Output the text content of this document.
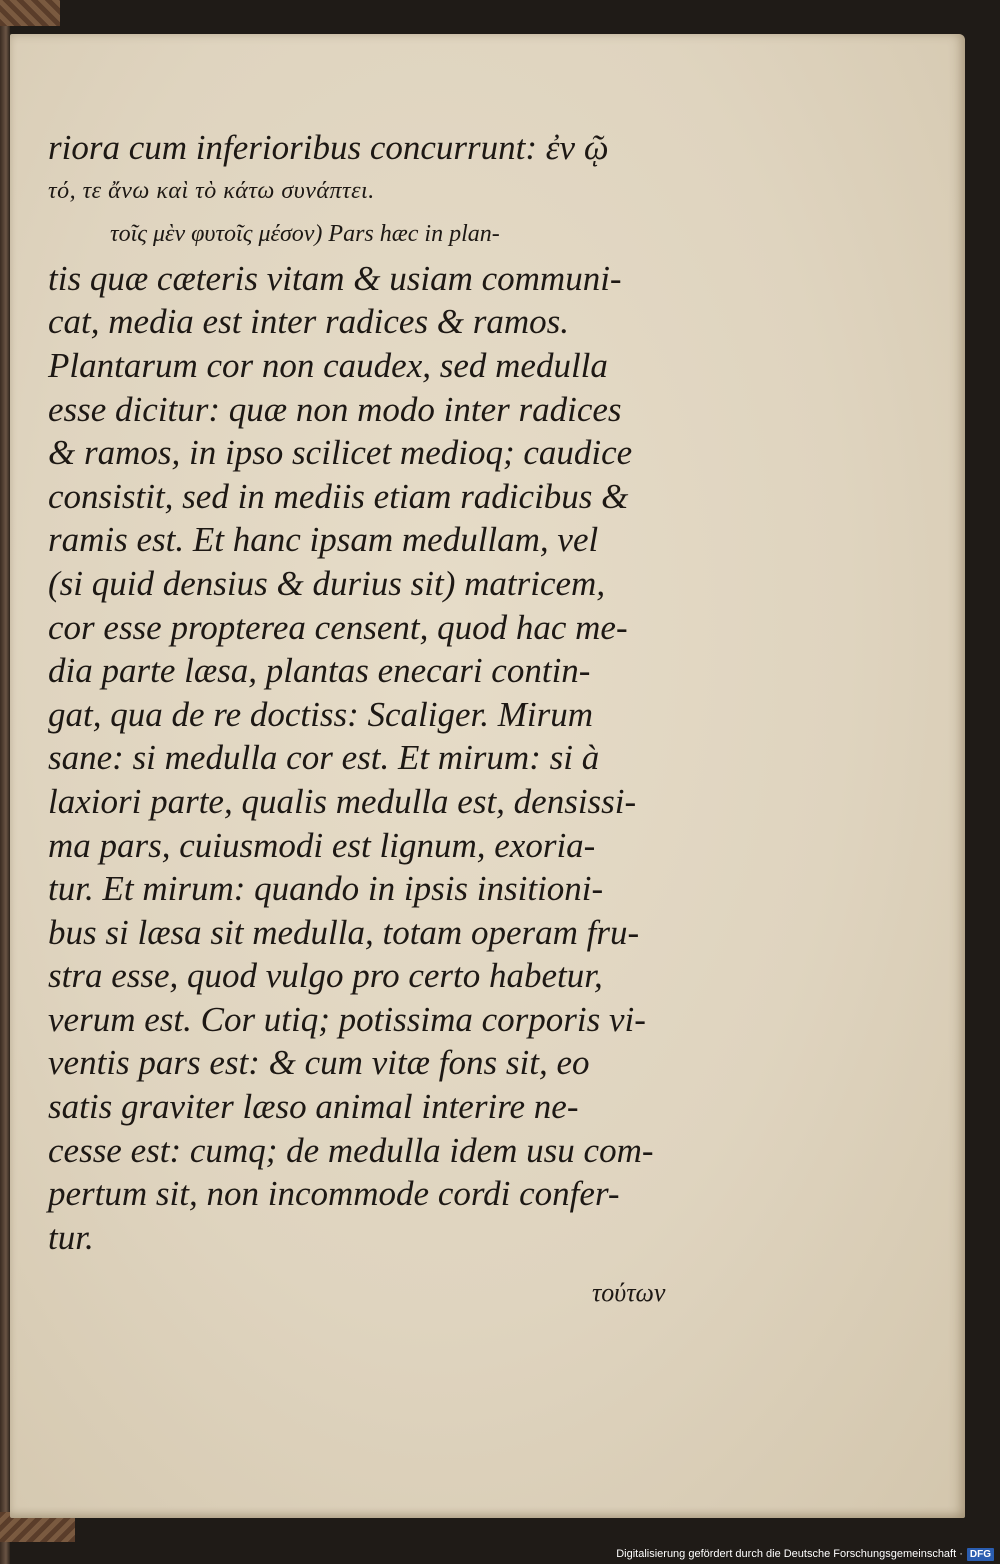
riora cum inferioribus concurrunt: ἐν ῷ
τό, τε ἄνω καὶ τὸ κάτω συνάπτει.
τοῖς μὲν φυτοῖς μέσον) Pars hæc in plan-
tis quæ cæteris vitam & usiam communi-
cat, media est inter radices & ramos.
Plantarum cor non caudex, sed medulla
esse dicitur: quæ non modo inter radices
& ramos, in ipso scilicet medioq; caudice
consistit, sed in mediis etiam radicibus &
ramis est. Et hanc ipsam medullam, vel
(si quid densius & durius sit) matricem,
cor esse propterea censent, quod hac me-
dia parte læsa, plantas enecari contin-
gat, qua de re doctiss: Scaliger. Mirum
sane: si medulla cor est. Et mirum: si à
laxiori parte, qualis medulla est, densissi-
ma pars, cuiusmodi est lignum, exoria-
tur. Et mirum: quando in ipsis insitioni-
bus si læsa sit medulla, totam operam fru-
stra esse, quod vulgo pro certo habetur,
verum est. Cor utiq; potissima corporis vi-
ventis pars est: & cum vitæ fons sit, eo
satis graviter læso animal interire ne-
cesse est: cumq; de medulla idem usu com-
pertum sit, non incommode cordi confer-
tur.
τούτων
Digitalisierung gefördert durch die Deutsche Forschungsgemeinschaft · DFG
